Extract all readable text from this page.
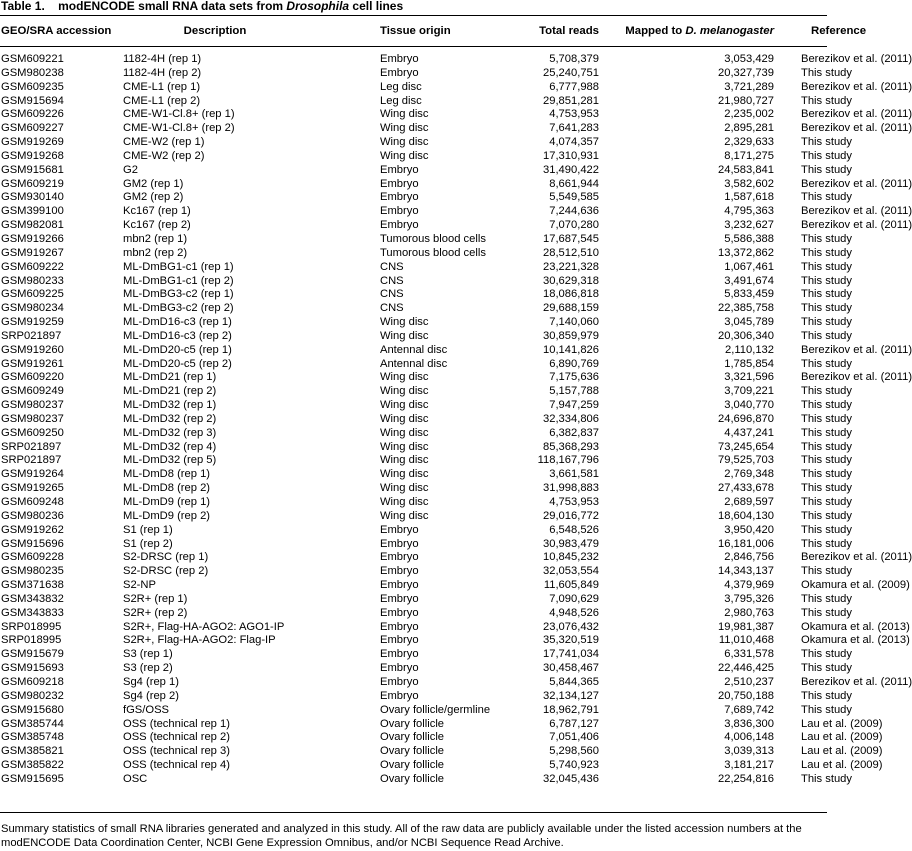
Table 1. modENCODE small RNA data sets from Drosophila cell lines
GEO/SRA accession	Description	Tissue origin	Total reads	Mapped to D. melanogaster	Reference

GSM609221	1182-4H (rep 1)	Embryo	5,708,379	3,053,429	Berezikov et al. (2011)
GSM980238	1182-4H (rep 2)	Embryo	25,240,751	20,327,739	This study
GSM609235	CME-L1 (rep 1)	Leg disc	6,777,988	3,721,289	Berezikov et al. (2011)
GSM915694	CME-L1 (rep 2)	Leg disc	29,851,281	21,980,727	This study
GSM609226	CME-W1-Cl.8+ (rep 1)	Wing disc	4,753,953	2,235,002	Berezikov et al. (2011)
GSM609227	CME-W1-Cl.8+ (rep 2)	Wing disc	7,641,283	2,895,281	Berezikov et al. (2011)
GSM919269	CME-W2 (rep 1)	Wing disc	4,074,357	2,329,633	This study
GSM919268	CME-W2 (rep 2)	Wing disc	17,310,931	8,171,275	This study
GSM915681	G2	Embryo	31,490,422	24,583,841	This study
GSM609219	GM2 (rep 1)	Embryo	8,661,944	3,582,602	Berezikov et al. (2011)
GSM930140	GM2 (rep 2)	Embryo	5,549,585	1,587,618	This study
GSM399100	Kc167 (rep 1)	Embryo	7,244,636	4,795,363	Berezikov et al. (2011)
GSM982081	Kc167 (rep 2)	Embryo	7,070,280	3,232,627	Berezikov et al. (2011)
GSM919266	mbn2 (rep 1)	Tumorous blood cells	17,687,545	5,586,388	This study
GSM919267	mbn2 (rep 2)	Tumorous blood cells	28,512,510	13,372,862	This study
GSM609222	ML-DmBG1-c1 (rep 1)	CNS	23,221,328	1,067,461	This study
GSM980233	ML-DmBG1-c1 (rep 2)	CNS	30,629,318	3,491,674	This study
GSM609225	ML-DmBG3-c2 (rep 1)	CNS	18,086,818	5,833,459	This study
GSM980234	ML-DmBG3-c2 (rep 2)	CNS	29,688,159	22,385,758	This study
GSM919259	ML-DmD16-c3 (rep 1)	Wing disc	7,140,060	3,045,789	This study
SRP021897	ML-DmD16-c3 (rep 2)	Wing disc	30,859,979	20,306,340	This study
GSM919260	ML-DmD20-c5 (rep 1)	Antennal disc	10,141,826	2,110,132	Berezikov et al. (2011)
GSM919261	ML-DmD20-c5 (rep 2)	Antennal disc	6,890,769	1,785,854	This study
GSM609220	ML-DmD21 (rep 1)	Wing disc	7,175,636	3,321,596	Berezikov et al. (2011)
GSM609249	ML-DmD21 (rep 2)	Wing disc	5,157,788	3,709,221	This study
GSM980237	ML-DmD32 (rep 1)	Wing disc	7,947,259	3,040,770	This study
GSM980237	ML-DmD32 (rep 2)	Wing disc	32,334,806	24,696,870	This study
GSM609250	ML-DmD32 (rep 3)	Wing disc	6,382,837	4,437,241	This study
SRP021897	ML-DmD32 (rep 4)	Wing disc	85,368,293	73,245,654	This study
SRP021897	ML-DmD32 (rep 5)	Wing disc	118,167,796	79,525,703	This study
GSM919264	ML-DmD8 (rep 1)	Wing disc	3,661,581	2,769,348	This study
GSM919265	ML-DmD8 (rep 2)	Wing disc	31,998,883	27,433,678	This study
GSM609248	ML-DmD9 (rep 1)	Wing disc	4,753,953	2,689,597	This study
GSM980236	ML-DmD9 (rep 2)	Wing disc	29,016,772	18,604,130	This study
GSM919262	S1 (rep 1)	Embryo	6,548,526	3,950,420	This study
GSM915696	S1 (rep 2)	Embryo	30,983,479	16,181,006	This study
GSM609228	S2-DRSC (rep 1)	Embryo	10,845,232	2,846,756	Berezikov et al. (2011)
GSM980235	S2-DRSC (rep 2)	Embryo	32,053,554	14,343,137	This study
GSM371638	S2-NP	Embryo	11,605,849	4,379,969	Okamura et al. (2009)
GSM343832	S2R+ (rep 1)	Embryo	7,090,629	3,795,326	This study
GSM343833	S2R+ (rep 2)	Embryo	4,948,526	2,980,763	This study
SRP018995	S2R+, Flag-HA-AGO2: AGO1-IP	Embryo	23,076,432	19,981,387	Okamura et al. (2013)
SRP018995	S2R+, Flag-HA-AGO2: Flag-IP	Embryo	35,320,519	11,010,468	Okamura et al. (2013)
GSM915679	S3 (rep 1)	Embryo	17,741,034	6,331,578	This study
GSM915693	S3 (rep 2)	Embryo	30,458,467	22,446,425	This study
GSM609218	Sg4 (rep 1)	Embryo	5,844,365	2,510,237	Berezikov et al. (2011)
GSM980232	Sg4 (rep 2)	Embryo	32,134,127	20,750,188	This study
GSM915680	fGS/OSS	Ovary follicle/germline	18,962,791	7,689,742	This study
GSM385744	OSS (technical rep 1)	Ovary follicle	6,787,127	3,836,300	Lau et al. (2009)
GSM385748	OSS (technical rep 2)	Ovary follicle	7,051,406	4,006,148	Lau et al. (2009)
GSM385821	OSS (technical rep 3)	Ovary follicle	5,298,560	3,039,313	Lau et al. (2009)
GSM385822	OSS (technical rep 4)	Ovary follicle	5,740,923	3,181,217	Lau et al. (2009)
GSM915695	OSC	Ovary follicle	32,045,436	22,254,816	This study
Summary statistics of small RNA libraries generated and analyzed in this study. All of the raw data are publicly available under the listed accession numbers at the modENCODE Data Coordination Center, NCBI Gene Expression Omnibus, and/or NCBI Sequence Read Archive.
